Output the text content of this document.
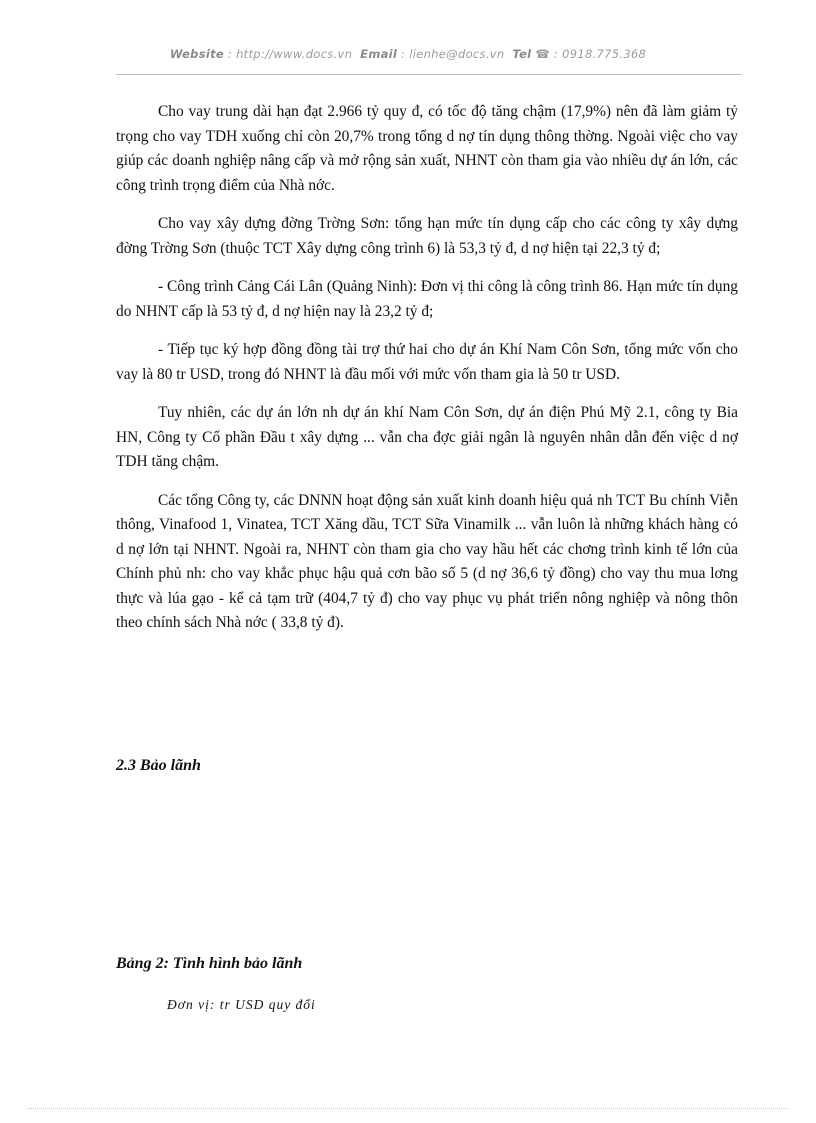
Website : http://www.docs.vn Email : lienhe@docs.vn Tel ☎ : 0918.775.368

Cho vay trung dài hạn đạt 2.966 tỷ quy đ, có tốc độ tăng chậm (17,9%) nên đã làm giảm tỷ trọng cho vay TDH xuống chỉ còn 20,7% trong tổng d nợ tín dụng thông thờng. Ngoài việc cho vay giúp các doanh nghiệp nâng cấp và mở rộng sản xuất, NHNT còn tham gia vào nhiều dự án lớn, các công trình trọng điểm của Nhà nớc.

Cho vay xây dựng đờng Trờng Sơn: tổng hạn mức tín dụng cấp cho các công ty xây dựng đờng Trờng Sơn (thuộc TCT Xây dựng công trình 6) là 53,3 tỷ đ, d nợ hiện tại 22,3 tỷ đ;

- Công trình Cảng Cái Lân (Quảng Ninh): Đơn vị thi công là công trình 86. Hạn mức tín dụng do NHNT cấp là 53 tỷ đ, d nợ hiện nay là 23,2 tỷ đ;

- Tiếp tục ký hợp đồng đồng tài trợ thứ hai cho dự án Khí Nam Côn Sơn, tổng mức vốn cho vay là 80 tr USD, trong đó NHNT là đầu mối với mức vốn tham gia là 50 tr USD.

Tuy nhiên, các dự án lớn nh dự án khí Nam Côn Sơn, dự án điện Phú Mỹ 2.1, công ty Bia HN, Công ty Cổ phần Đầu t xây dựng ... vẫn cha đợc giải ngân là nguyên nhân dẫn đến việc d nợ TDH tăng chậm.

Các tổng Công ty, các DNNN hoạt động sản xuất kinh doanh hiệu quả nh TCT Bu chính Viễn thông, Vinafood 1, Vinatea, TCT Xăng dầu, TCT Sữa Vinamilk ... vẫn luôn là những khách hàng có d nợ lớn tại NHNT. Ngoài ra, NHNT còn tham gia cho vay hầu hết các chơng trình kinh tế lớn của Chính phủ nh: cho vay khắc phục hậu quả cơn bão số 5 (d nợ 36,6 tỷ đồng) cho vay thu mua lơng thực và lúa gạo - kể cả tạm trữ (404,7 tỷ đ) cho vay phục vụ phát triển nông nghiệp và nông thôn theo chính sách Nhà nớc ( 33,8 tỷ đ).

2.3 Bảo lãnh

Bảng 2: Tình hình bảo lãnh

Đơn vị: tr USD quy đổi
